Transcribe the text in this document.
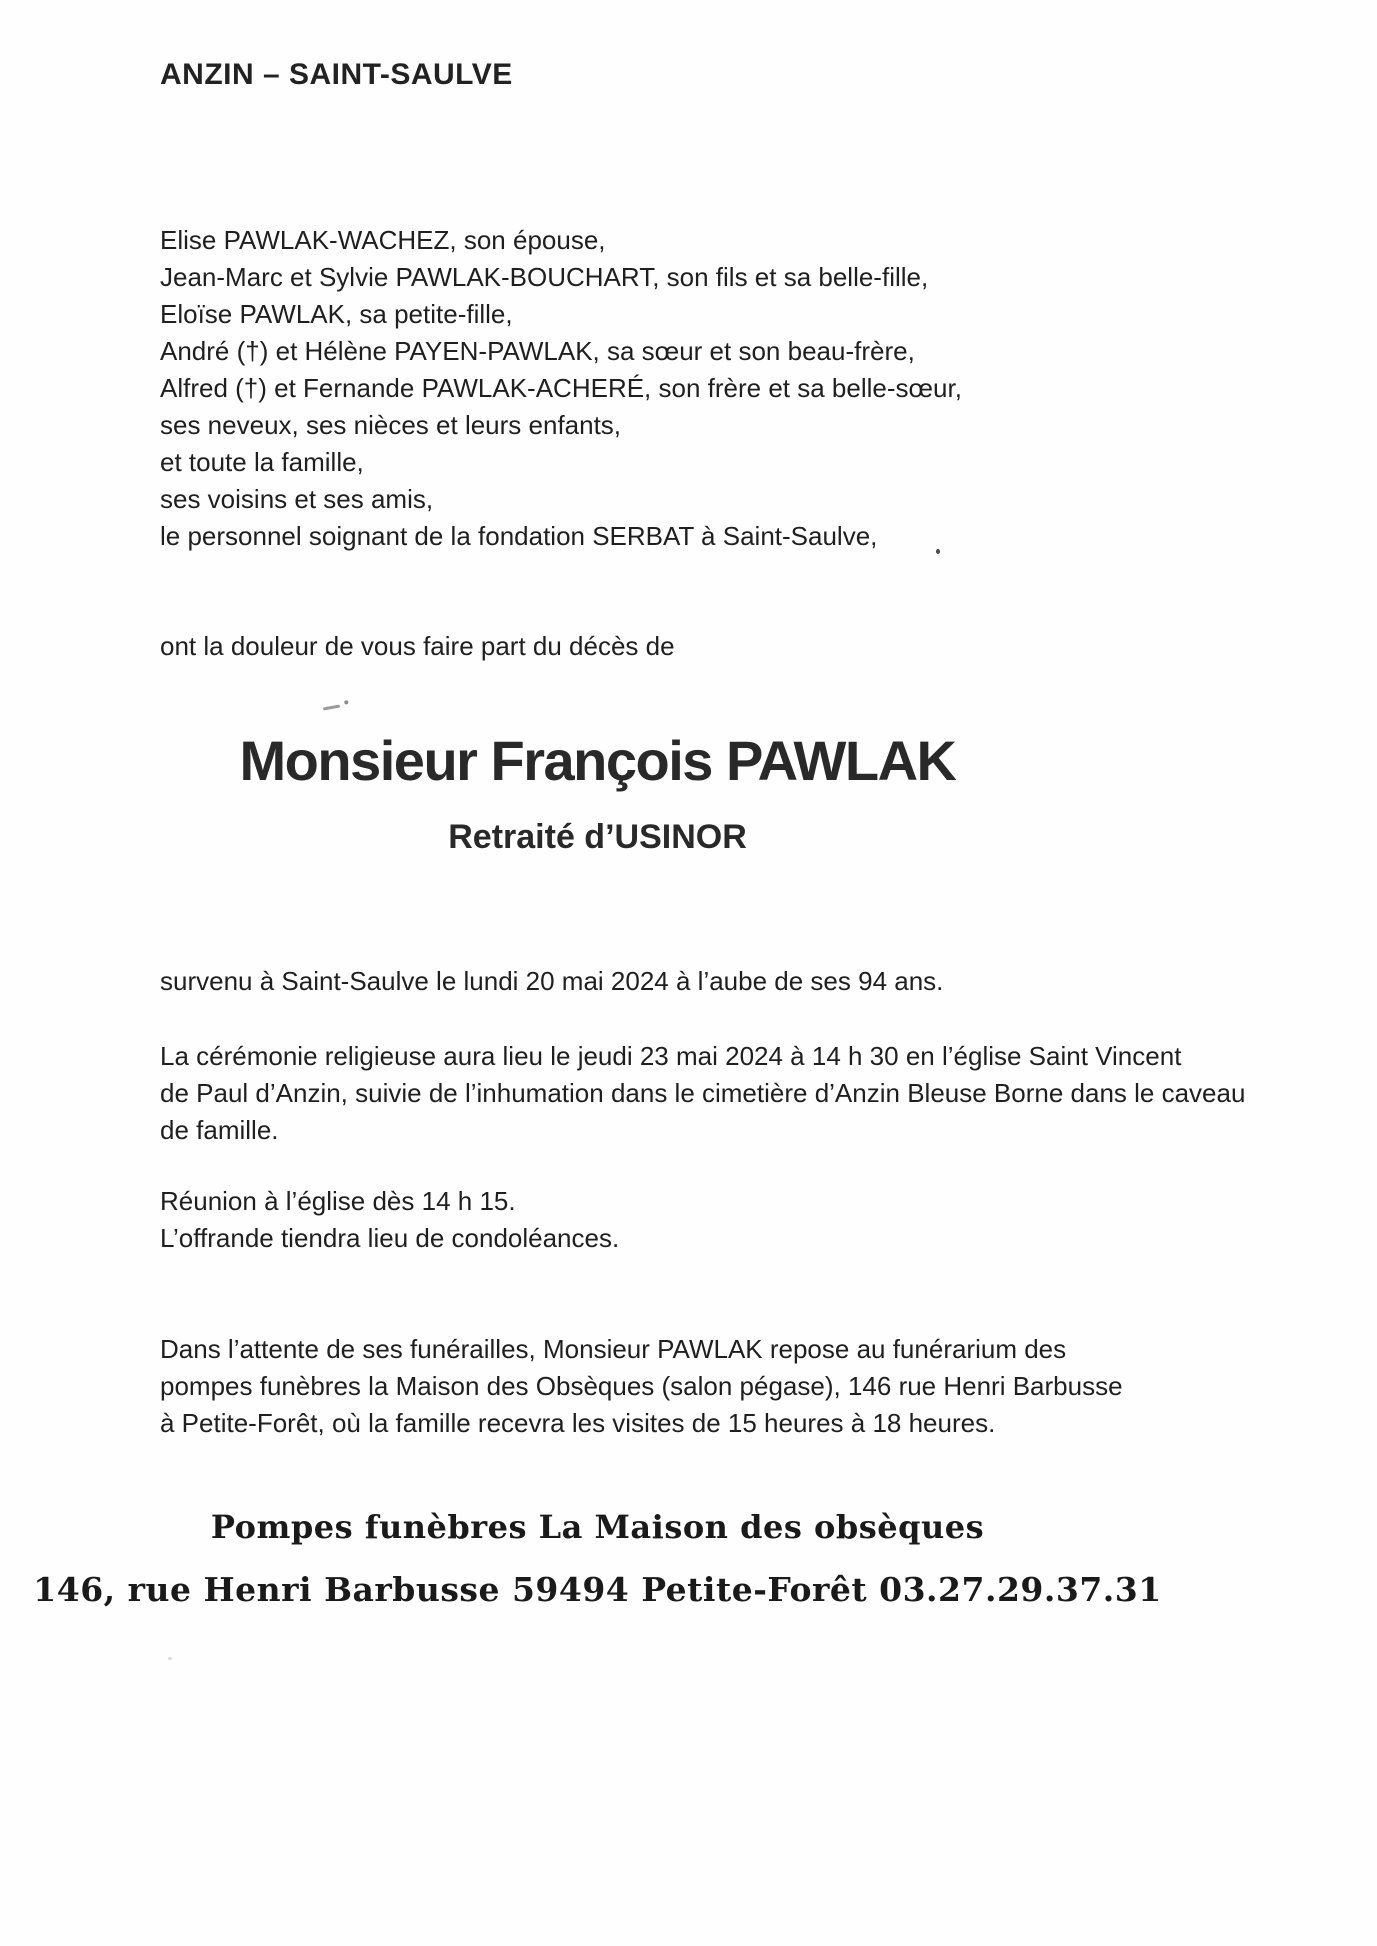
ANZIN – SAINT-SAULVE
Elise PAWLAK-WACHEZ, son épouse,
Jean-Marc et Sylvie PAWLAK-BOUCHART, son fils et sa belle-fille,
Eloïse PAWLAK, sa petite-fille,
André (†) et Hélène PAYEN-PAWLAK, sa sœur et son beau-frère,
Alfred (†) et Fernande PAWLAK-ACHERÉ, son frère et sa belle-sœur,
ses neveux, ses nièces et leurs enfants,
et toute la famille,
ses voisins et ses amis,
le personnel soignant de la fondation SERBAT à Saint-Saulve,
ont la douleur de vous faire part du décès de
Monsieur François PAWLAK
Retraité d’USINOR
survenu à Saint-Saulve le lundi 20 mai 2024 à l’aube de ses 94 ans.
La cérémonie religieuse aura lieu le jeudi 23 mai 2024 à 14 h 30 en l’église Saint Vincent
de Paul d’Anzin, suivie de l’inhumation dans le cimetière d’Anzin Bleuse Borne dans le caveau
de famille.
Réunion à l’église dès 14 h 15.
L’offrande tiendra lieu de condoléances.
Dans l’attente de ses funérailles, Monsieur PAWLAK repose au funérarium des
pompes funèbres la Maison des Obsèques (salon pégase), 146 rue Henri Barbusse
à Petite-Forêt, où la famille recevra les visites de 15 heures à 18 heures.
Pompes funèbres La Maison des obsèques
146, rue Henri Barbusse 59494 Petite-Forêt 03.27.29.37.31
